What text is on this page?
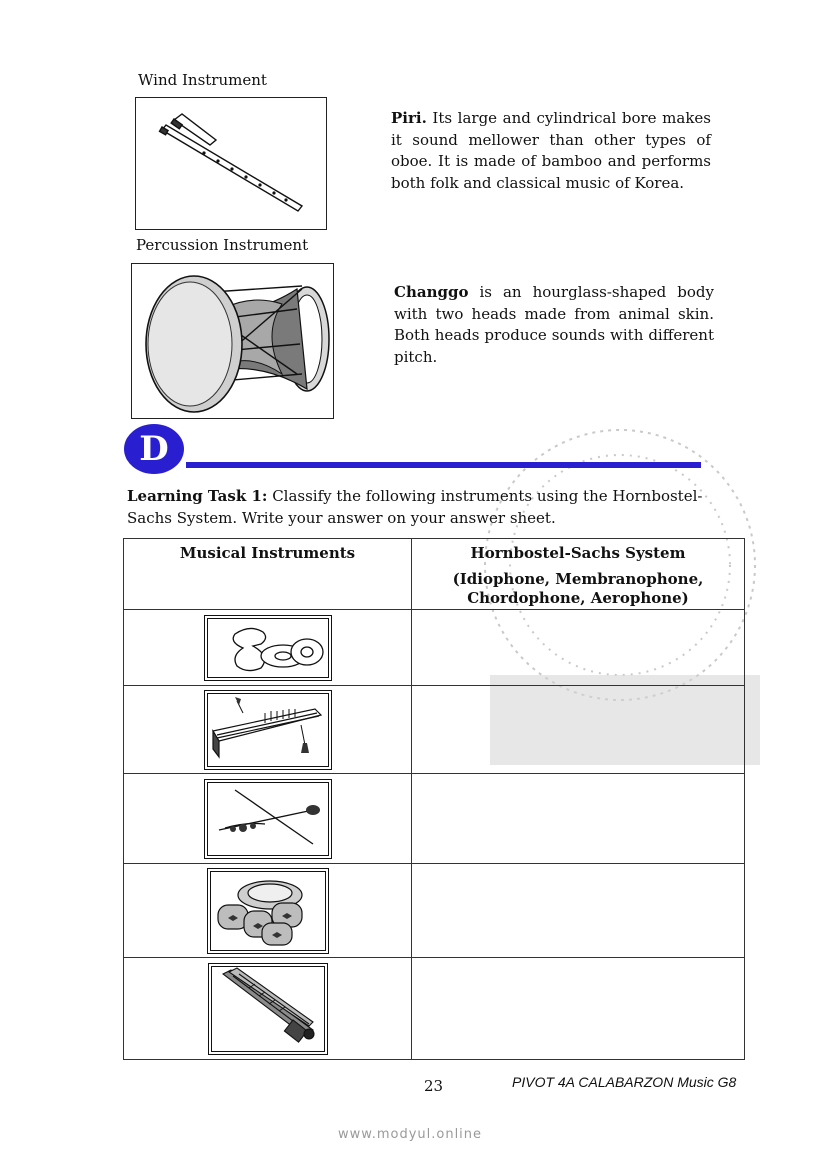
Wind Instrument
Piri. Its large and cylindrical bore makes it sound mellower than other types of oboe. It is made of bamboo and performs both folk and classical music of Korea.
Percussion Instrument
Changgo is an hourglass-shaped body with two heads made from animal skin. Both heads produce sounds with different pitch.
D
Learning Task 1: Classify the following instruments using the Hornbostel-Sachs System. Write your answer on your answer sheet.
Musical Instruments	Hornbostel-Sachs System
(Idiophone, Membranophone,
Chordophone, Aerophone)

23	PIVOT 4A CALABARZON Music G8
www.modyul.online
